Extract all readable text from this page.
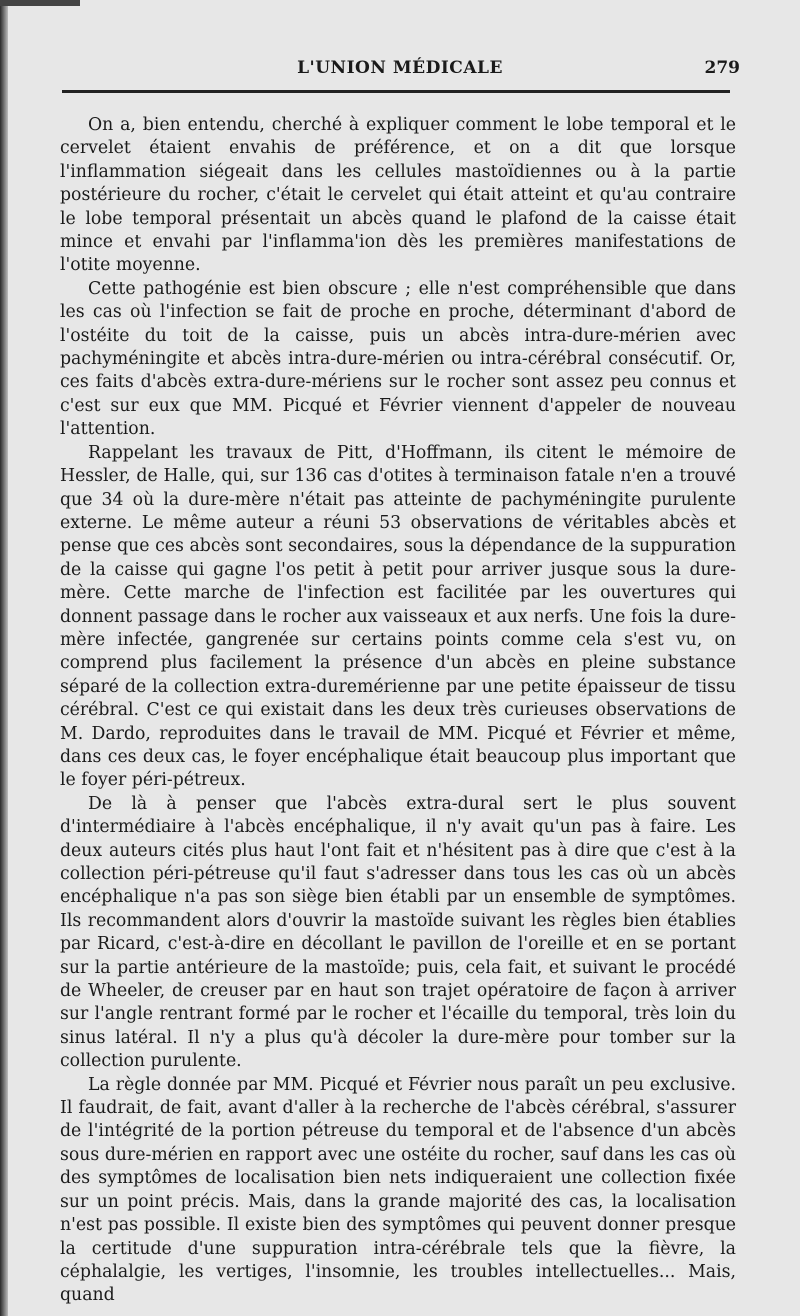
L'UNION MÉDICALE	279

On a, bien entendu, cherché à expliquer comment le lobe temporal et le cervelet étaient envahis de préférence, et on a dit que lorsque l'inflammation siégeait dans les cellules mastoïdiennes ou à la partie postérieure du rocher, c'était le cervelet qui était atteint et qu'au contraire le lobe temporal présentait un abcès quand le plafond de la caisse était mince et envahi par l'inflamma'ion dès les premières manifestations de l'otite moyenne.

Cette pathogénie est bien obscure ; elle n'est compréhensible que dans les cas où l'infection se fait de proche en proche, déterminant d'abord de l'ostéite du toit de la caisse, puis un abcès intra-dure-mérien avec pachyméningite et abcès intra-dure-mérien ou intra-cérébral consécutif. Or, ces faits d'abcès extra-dure-mériens sur le rocher sont assez peu connus et c'est sur eux que MM. Picqué et Février viennent d'appeler de nouveau l'attention.

Rappelant les travaux de Pitt, d'Hoffmann, ils citent le mémoire de Hessler, de Halle, qui, sur 136 cas d'otites à terminaison fatale n'en a trouvé que 34 où la dure-mère n'était pas atteinte de pachyméningite purulente externe. Le même auteur a réuni 53 observations de véritables abcès et pense que ces abcès sont secondaires, sous la dépendance de la suppuration de la caisse qui gagne l'os petit à petit pour arriver jusque sous la dure-mère. Cette marche de l'infection est facilitée par les ouvertures qui donnent passage dans le rocher aux vaisseaux et aux nerfs. Une fois la dure-mère infectée, gangrenée sur certains points comme cela s'est vu, on comprend plus facilement la présence d'un abcès en pleine substance séparé de la collection extra-duremérienne par une petite épaisseur de tissu cérébral. C'est ce qui existait dans les deux très curieuses observations de M. Dardo, reproduites dans le travail de MM. Picqué et Février et même, dans ces deux cas, le foyer encéphalique était beaucoup plus important que le foyer péri-pétreux.

De là à penser que l'abcès extra-dural sert le plus souvent d'intermédiaire à l'abcès encéphalique, il n'y avait qu'un pas à faire. Les deux auteurs cités plus haut l'ont fait et n'hésitent pas à dire que c'est à la collection péri-pétreuse qu'il faut s'adresser dans tous les cas où un abcès encéphalique n'a pas son siège bien établi par un ensemble de symptômes. Ils recommandent alors d'ouvrir la mastoïde suivant les règles bien établies par Ricard, c'est-à-dire en décollant le pavillon de l'oreille et en se portant sur la partie antérieure de la mastoïde; puis, cela fait, et suivant le procédé de Wheeler, de creuser par en haut son trajet opératoire de façon à arriver sur l'angle rentrant formé par le rocher et l'écaille du temporal, très loin du sinus latéral. Il n'y a plus qu'à décoler la dure-mère pour tomber sur la collection purulente.

La règle donnée par MM. Picqué et Février nous paraît un peu exclusive. Il faudrait, de fait, avant d'aller à la recherche de l'abcès cérébral, s'assurer de l'intégrité de la portion pétreuse du temporal et de l'absence d'un abcès sous dure-mérien en rapport avec une ostéite du rocher, sauf dans les cas où des symptômes de localisation bien nets indiqueraient une collection fixée sur un point précis. Mais, dans la grande majorité des cas, la localisation n'est pas possible. Il existe bien des symptômes qui peuvent donner presque la certitude d'une suppuration intra-cérébrale tels que la fièvre, la céphalalgie, les vertiges, l'insomnie, les troubles intellectuelles... Mais, quand
